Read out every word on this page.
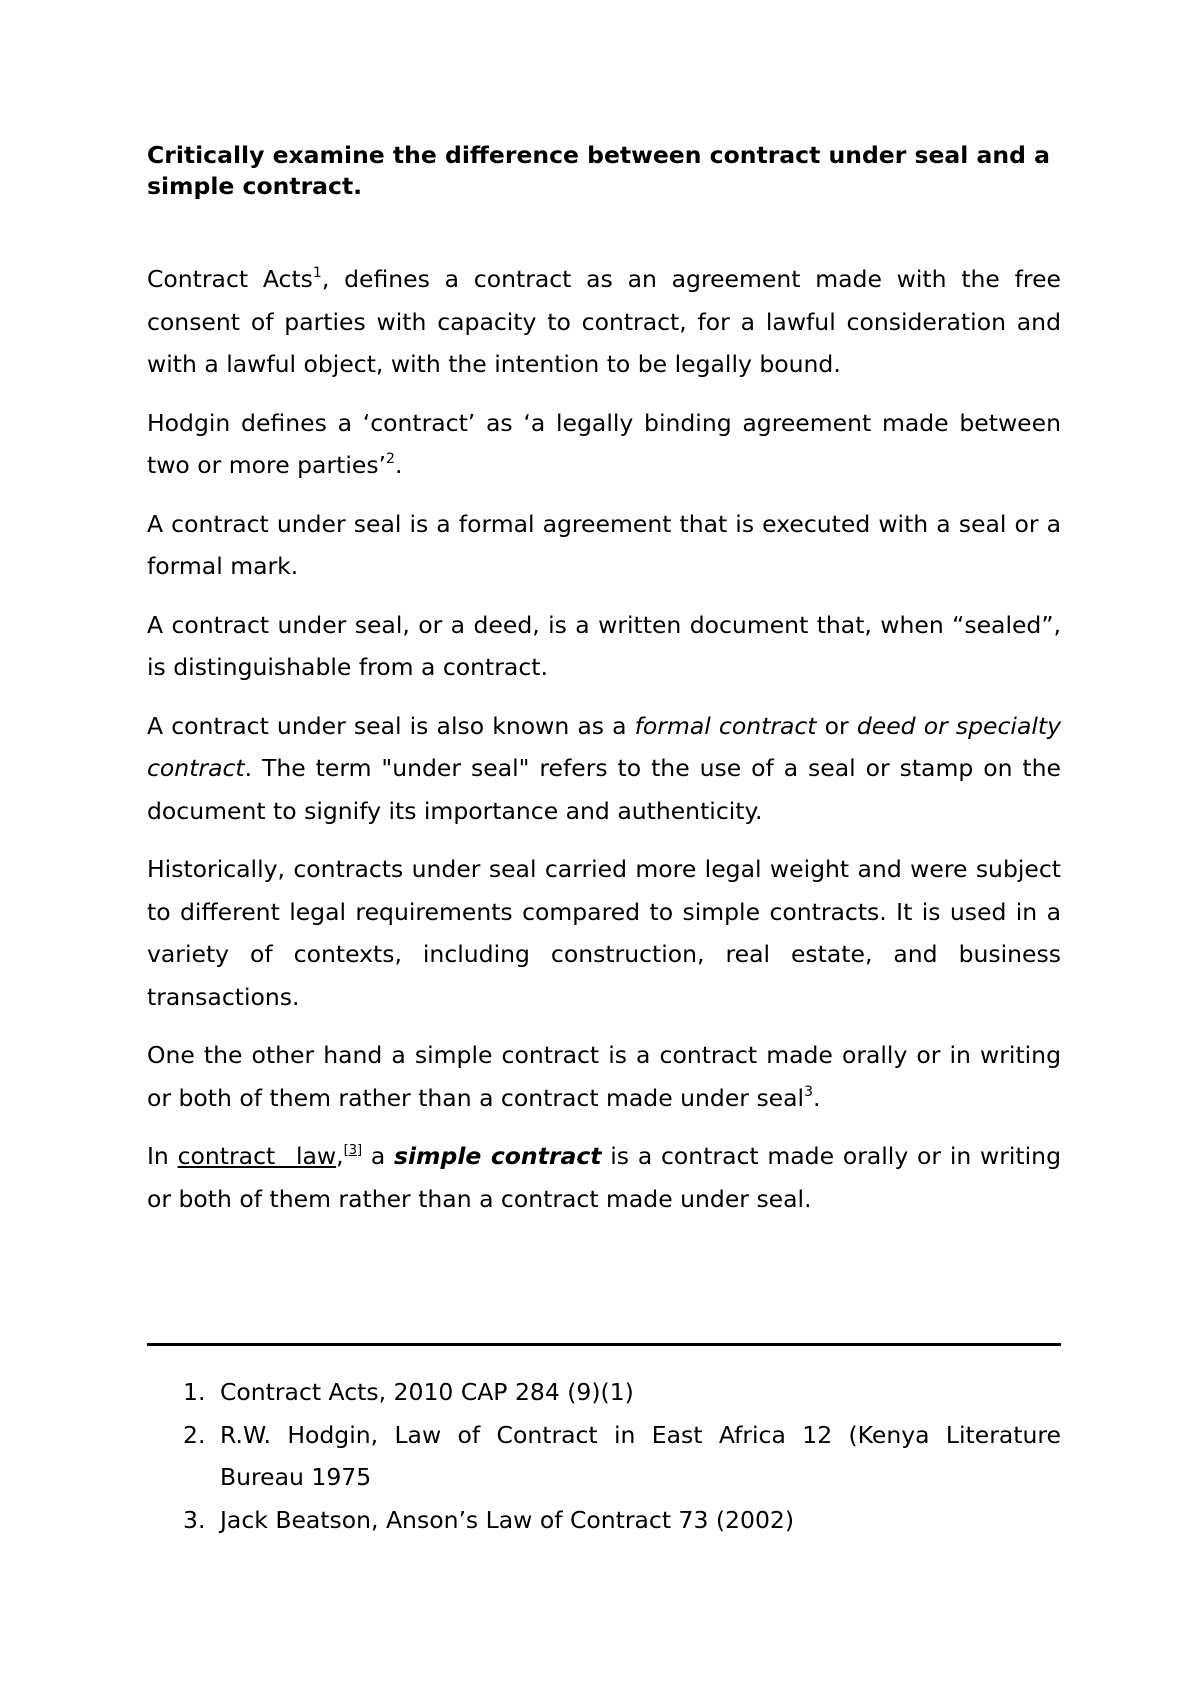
Critically examine the difference between contract under seal and a simple contract.

Contract Acts$^1$, defines a contract as an agreement made with the free consent of parties with capacity to contract, for a lawful consideration and with a lawful object, with the intention to be legally bound.

Hodgin defines a ‘contract’ as ‘a legally binding agreement made between two or more parties’$^2$.

A contract under seal is a formal agreement that is executed with a seal or a formal mark.

A contract under seal, or a deed, is a written document that, when “sealed”, is distinguishable from a contract.

A contract under seal is also known as a formal contract or deed or specialty contract. The term "under seal" refers to the use of a seal or stamp on the document to signify its importance and authenticity.

Historically, contracts under seal carried more legal weight and were subject to different legal requirements compared to simple contracts. It is used in a variety of contexts, including construction, real estate, and business transactions.

One the other hand a simple contract is a contract made orally or in writing or both of them rather than a contract made under seal$^3$.

In contract law,[3] a simple contract is a contract made orally or in writing or both of them rather than a contract made under seal.

1. Contract Acts, 2010 CAP 284 (9)(1)
2. R.W. Hodgin, Law of Contract in East Africa 12 (Kenya Literature Bureau 1975
3. Jack Beatson, Anson’s Law of Contract 73 (2002)
